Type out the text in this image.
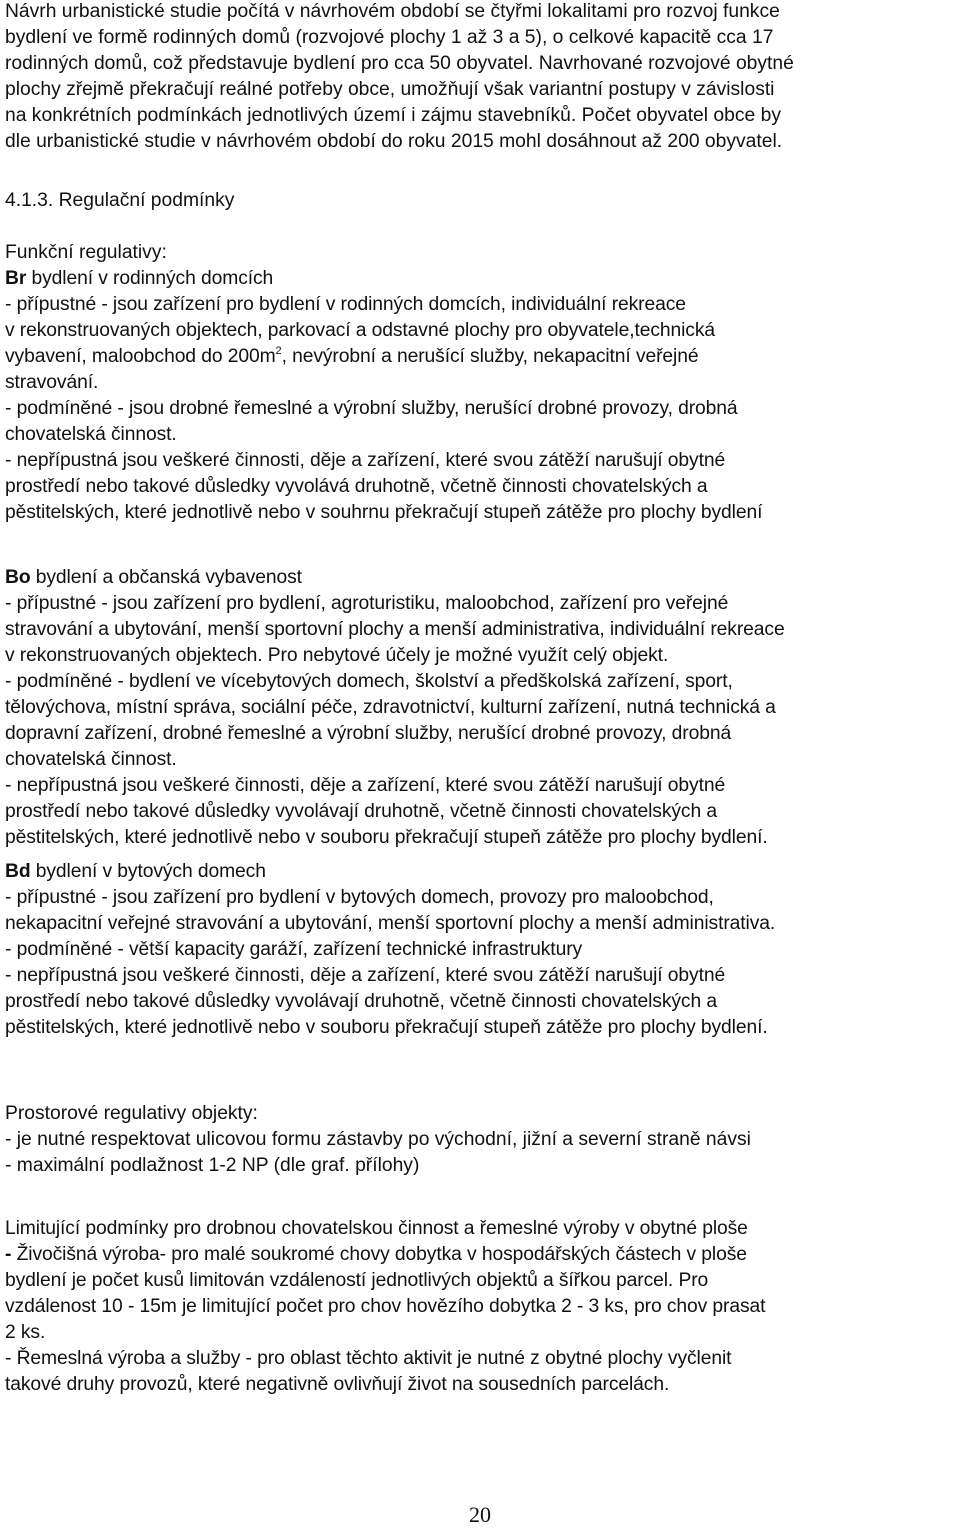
Návrh urbanistické studie počítá v návrhovém období se čtyřmi lokalitami pro rozvoj funkce
bydlení ve formě rodinných domů (rozvojové plochy 1 až 3 a 5), o celkové kapacitě cca 17
rodinných domů, což představuje bydlení pro cca 50 obyvatel. Navrhované rozvojové obytné
plochy zřejmě překračují reálné potřeby obce, umožňují však variantní postupy v závislosti
na konkrétních podmínkách jednotlivých území i zájmu stavebníků. Počet obyvatel obce by
dle urbanistické studie v návrhovém období do roku 2015 mohl dosáhnout až 200 obyvatel.
4.1.3. Regulační podmínky
Funkční regulativy:
Br bydlení v rodinných domcích
- přípustné - jsou zařízení pro bydlení v rodinných domcích, individuální rekreace
v rekonstruovaných objektech, parkovací a odstavné plochy pro obyvatele,technická
vybavení, maloobchod do $200m^2$, nevýrobní a nerušící služby, nekapacitní veřejné
stravování.
- podmíněné - jsou drobné řemeslné a výrobní služby, nerušící drobné provozy, drobná
chovatelská činnost.
- nepřípustná jsou veškeré činnosti, děje a zařízení, které svou zátěží narušují obytné
prostředí nebo takové důsledky vyvolává druhotně, včetně činnosti chovatelských a
pěstitelských, které jednotlivě nebo v souhrnu překračují stupeň zátěže pro plochy bydlení
Bo bydlení a občanská vybavenost
- přípustné - jsou zařízení pro bydlení, agroturistiku, maloobchod, zařízení pro veřejné
stravování a ubytování, menší sportovní plochy a menší administrativa, individuální rekreace
v rekonstruovaných objektech. Pro nebytové účely je možné využít celý objekt.
- podmíněné - bydlení ve vícebytových domech, školství a předškolská zařízení, sport,
tělovýchova, místní správa, sociální péče, zdravotnictví, kulturní zařízení, nutná technická a
dopravní zařízení, drobné řemeslné a výrobní služby, nerušící drobné provozy, drobná
chovatelská činnost.
- nepřípustná jsou veškeré činnosti, děje a zařízení, které svou zátěží narušují obytné
prostředí nebo takové důsledky vyvolávají druhotně, včetně činnosti chovatelských a
pěstitelských, které jednotlivě nebo v souboru překračují stupeň zátěže pro plochy bydlení.
Bd bydlení v bytových domech
- přípustné - jsou zařízení pro bydlení v bytových domech, provozy pro maloobchod,
nekapacitní veřejné stravování a ubytování, menší sportovní plochy a menší administrativa.
- podmíněné - větší kapacity garáží, zařízení technické infrastruktury
- nepřípustná jsou veškeré činnosti, děje a zařízení, které svou zátěží narušují obytné
prostředí nebo takové důsledky vyvolávají druhotně, včetně činnosti chovatelských a
pěstitelských, které jednotlivě nebo v souboru překračují stupeň zátěže pro plochy bydlení.
Prostorové regulativy objekty:
- je nutné respektovat ulicovou formu zástavby po východní, jižní a severní straně návsi
- maximální podlažnost 1-2 NP (dle graf. přílohy)
Limitující podmínky pro drobnou chovatelskou činnost a řemeslné výroby v obytné ploše
- Živočišná výroba- pro malé soukromé chovy dobytka v hospodářských částech v ploše
bydlení je počet kusů limitován vzdáleností jednotlivých objektů a šířkou parcel. Pro
vzdálenost 10 - 15m je limitující počet pro chov hovězího dobytka 2 - 3 ks, pro chov prasat
2 ks.
- Řemeslná výroba a služby - pro oblast těchto aktivit je nutné z obytné plochy vyčlenit
takové druhy provozů, které negativně ovlivňují život na sousedních parcelách.
20
